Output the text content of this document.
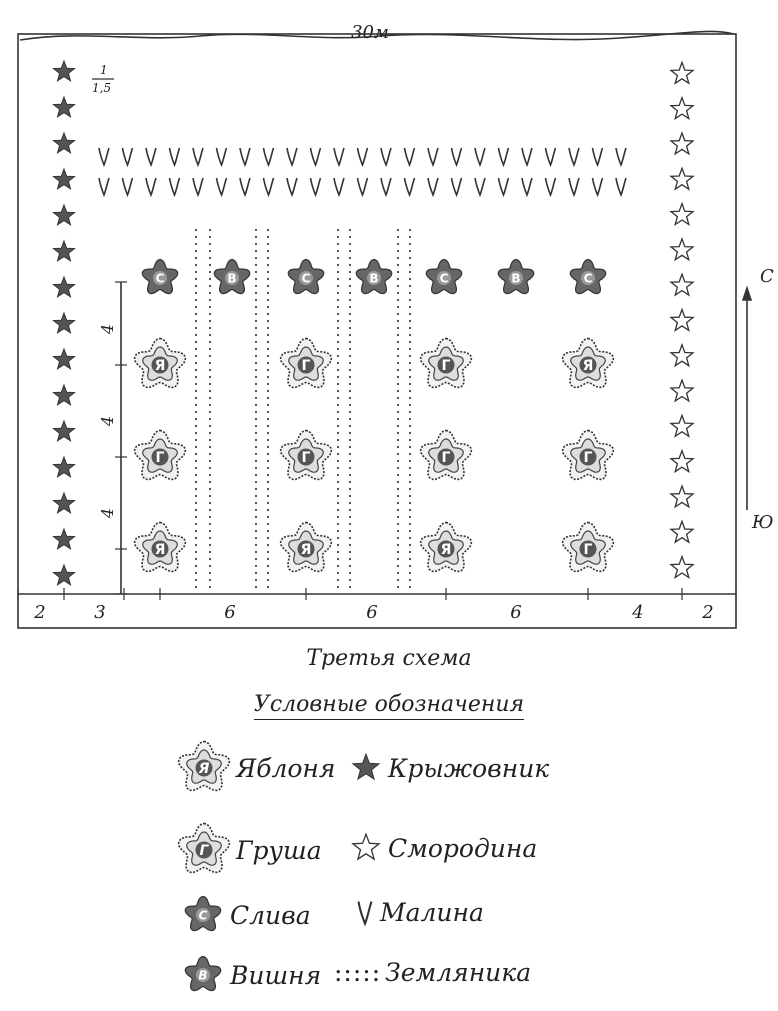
С	В	С	В	С	В	С
Я	Г	Г	Я
Г	Г	Г	Г
Я	Я	Я	Г
2	3	6	6	6	4	2
4
4
4
30м
1
1,5
С
Ю
Третья схема
Условные обозначения
Я Яблоня
Г Груша
С Слива
В Вишня
Крыжовник
Смородина
Малина
::::: Земляника
